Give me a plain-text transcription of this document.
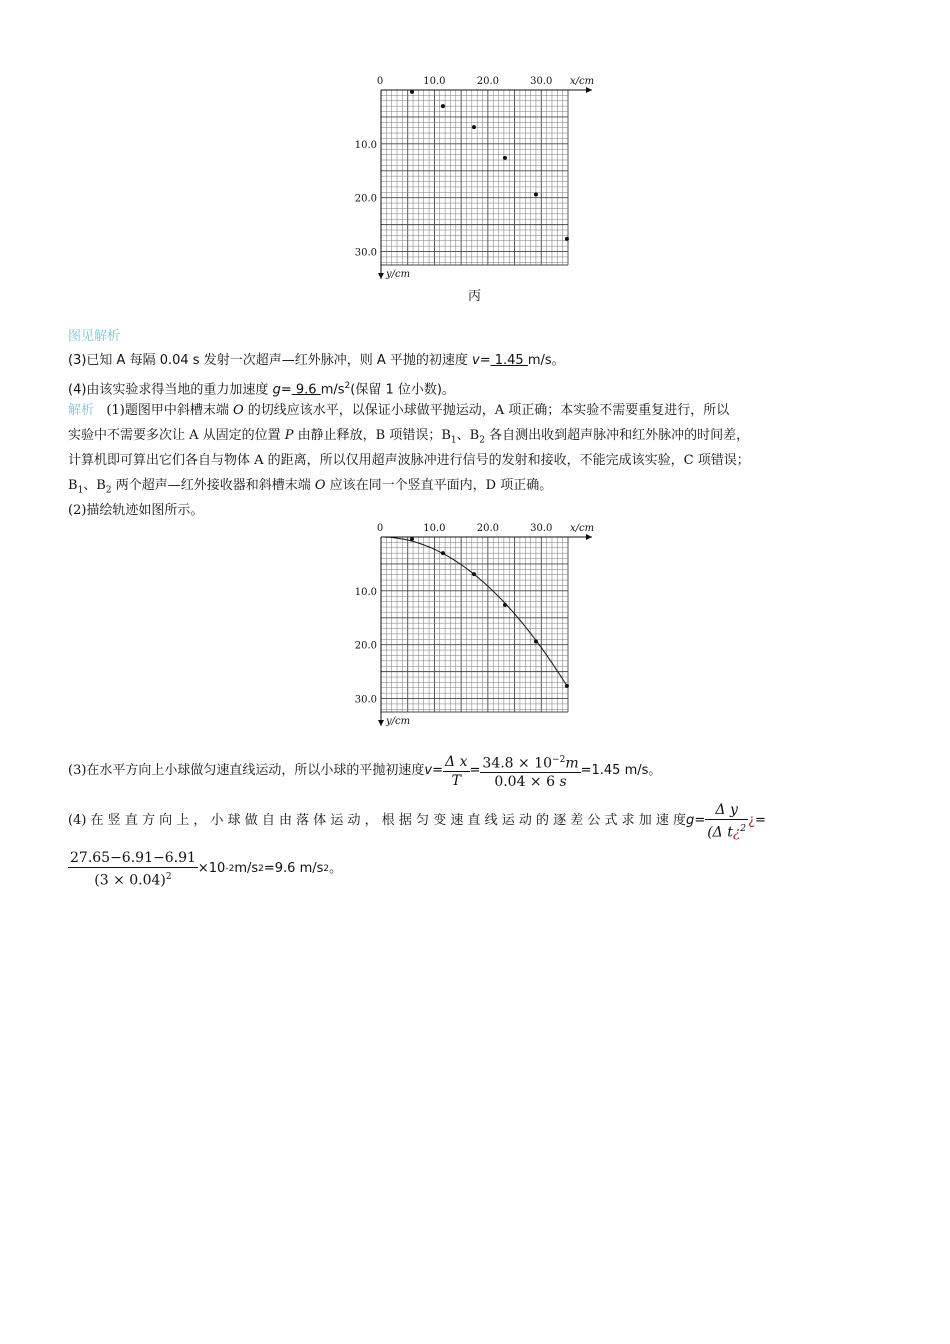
0	10.0	20.0	30.0
10.0
20.0
30.0
x/cm
y/cm
丙
图见解析
(3)已知 A 每隔 0.04 s 发射一次超声—红外脉冲，则 A 平抛的初速度 v= 1.45 m/s。
(4)由该实验求得当地的重力加速度 g= 9.6 $m/s^2$(保留 1 位小数)。
解析 (1)题图甲中斜槽末端 O 的切线应该水平，以保证小球做平抛运动，A 项正确；本实验不需要重复进行，所以
实验中不需要多次让 A 从固定的位置 P 由静止释放，B 项错误；$B_1$、$B_2$ 各自测出收到超声脉冲和红外脉冲的时间差，
计算机即可算出它们各自与物体 A 的距离，所以仅用超声波脉冲进行信号的发射和接收，不能完成该实验，C 项错误；
$B_1$、$B_2$ 两个超声—红外接收器和斜槽末端 O 应该在同一个竖直平面内，D 项正确。
(2)描绘轨迹如图所示。
0	10.0	20.0	30.0
10.0
20.0
30.0
x/cm
y/cm
(3)在水平方向上小球做匀速直线运动，所以小球的平抛初速度 $v = \frac{\text{Δ x}}{T} = \frac{34.8 \times 10^{-2}m}{0.04 \times 6 s} =1.45$ m/s。
(4) 在 竖 直 方 向 上 ， 小 球 做 自 由 落 体 运 动 ， 根 据 匀 变 速 直 线 运 动 的 逐 差 公 式 求 加 速 度 $g = \frac{\text{Δ y}}{(\Delta t¿^2}$ ¿ =
$\frac{27.65-6.91-6.91}{(3 \times 0.04)^2} \times 10$ -2 m/s 2 =9.6 m/s 2 。
